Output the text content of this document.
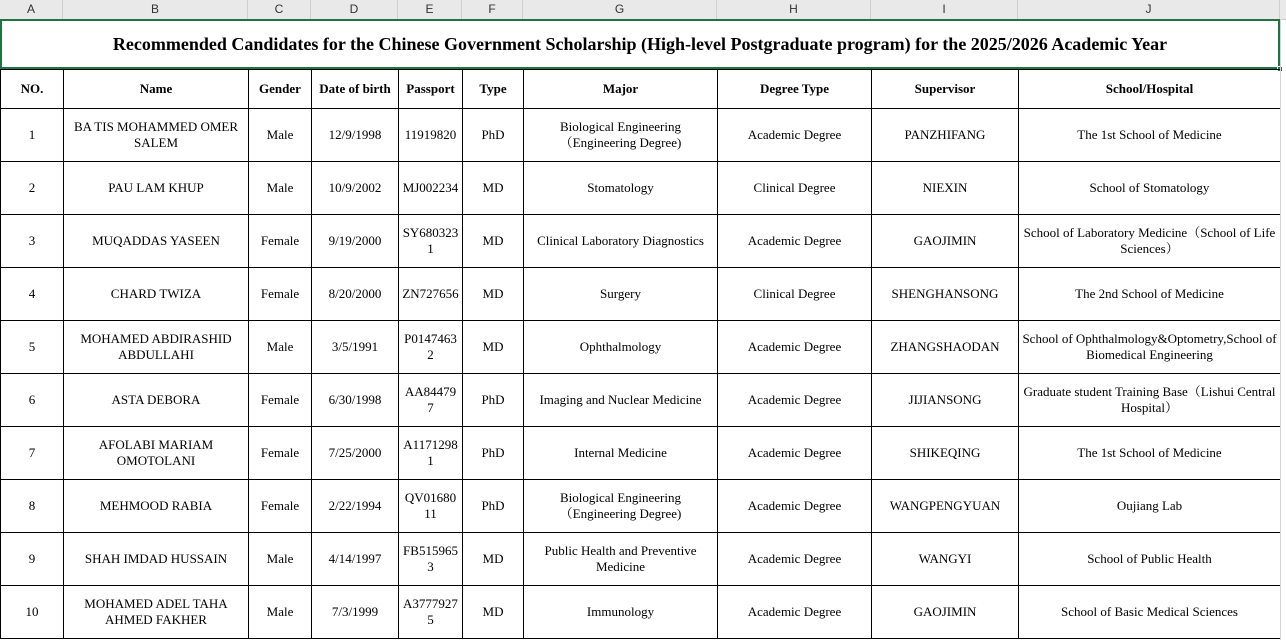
A	B	C	D	E	F	G	H	I	J
Recommended Candidates for the Chinese Government Scholarship (High-level Postgraduate program) for the 2025/2026 Academic Year
NO.	Name	Gender	Date of birth	Passport	Type	Major	Degree Type	Supervisor	School/Hospital
1	BA TIS MOHAMMED OMER SALEM	Male	12/9/1998	11919820	PhD	Biological Engineering（Engineering Degree)	Academic Degree	PANZHIFANG	The 1st School of Medicine
2	PAU LAM KHUP	Male	10/9/2002	MJ002234	MD	Stomatology	Clinical Degree	NIEXIN	School of Stomatology
3	MUQADDAS YASEEN	Female	9/19/2000	SY6803231	MD	Clinical Laboratory Diagnostics	Academic Degree	GAOJIMIN	School of Laboratory Medicine（School of Life Sciences）
4	CHARD TWIZA	Female	8/20/2000	ZN727656	MD	Surgery	Clinical Degree	SHENGHANSONG	The 2nd School of Medicine
5	MOHAMED ABDIRASHID ABDULLAHI	Male	3/5/1991	P01474632	MD	Ophthalmology	Academic Degree	ZHANGSHAODAN	School of Ophthalmology&Optometry,School of Biomedical Engineering
6	ASTA DEBORA	Female	6/30/1998	AA844797	PhD	Imaging and Nuclear Medicine	Academic Degree	JIJIANSONG	Graduate student Training Base（Lishui Central Hospital）
7	AFOLABI MARIAM OMOTOLANI	Female	7/25/2000	A11712981	PhD	Internal Medicine	Academic Degree	SHIKEQING	The 1st School of Medicine
8	MEHMOOD RABIA	Female	2/22/1994	QV0168011	PhD	Biological Engineering（Engineering Degree)	Academic Degree	WANGPENGYUAN	Oujiang Lab
9	SHAH IMDAD HUSSAIN	Male	4/14/1997	FB5159653	MD	Public Health and Preventive Medicine	Academic Degree	WANGYI	School of Public Health
10	MOHAMED ADEL TAHA AHMED FAKHER	Male	7/3/1999	A37779275	MD	Immunology	Academic Degree	GAOJIMIN	School of Basic Medical Sciences
